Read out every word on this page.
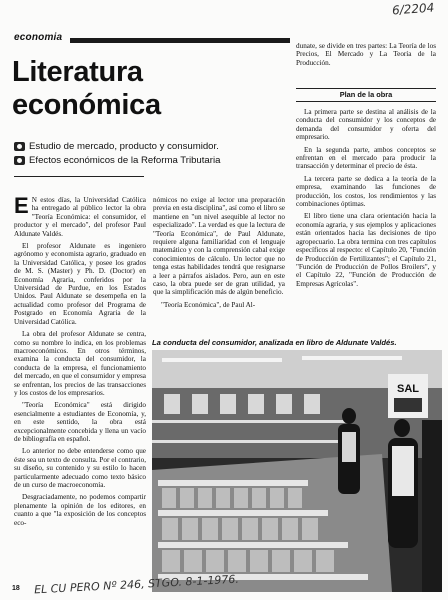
economia
6/2204
Literatura
económica
Estudio de mercado, producto y consumidor.
Efectos económicos de la Reforma Tributaria

E N estos días, la Universidad Católica ha entregado al público lector la obra "Teoría Económica: el consumidor, el productor y el mercado", del profesor Paul Aldunate Valdés.

El profesor Aldunate es ingeniero agrónomo y economista agrario, graduado en la Universidad Católica, y posee los grados de M. S. (Master) y Ph. D. (Doctor) en Economía Agraria, conferidos por la Universidad de Purdue, en los Estados Unidos. Paul Aldunate se desempeña en la actualidad como profesor del Programa de Postgrado en Economía Agraria de la Universidad Católica.

La obra del profesor Aldunate se centra, como su nombre lo indica, en los problemas macroeconómicos. En otros términos, examina la conducta del consumidor, la conducta de la empresa, el funcionamiento del mercado, en que el consumidor y empresa se enfrentan, los precios de las transacciones y los costos de los empresarios.

"Teoría Económica" está dirigido esencialmente a estudiantes de Economía, y, en este sentido, la obra está excepcionalmente concebida y llena un vacío de bibliografía en español.

Lo anterior no debe entenderse como que éste sea un texto de consulta. Por el contrario, su diseño, su contenido y su estilo lo hacen particularmente adecuado como texto básico de un curso de macroeconomía.

Desgraciadamente, no podemos compartir plenamente la opinión de los editores, en cuanto a que "la exposición de los conceptos eco-

nómicos no exige al lector una preparación previa en esta disciplina", así como el libro se mantiene en "un nivel asequible al lector no especializado". La verdad es que la lectura de "Teoría Económica", de Paul Aldunate, requiere alguna familiaridad con el lenguaje matemático y con la comprensión cabal exige conocimientos de cálculo. Un lector que no tenga estas habilidades tendrá que resignarse a leer a párrafos aislados. Pero, aun en este caso, la obra puede ser de gran utilidad, ya que la simplificación más de algún beneficio.

"Teoría Económica", de Paul Al-

dunate, se divide en tres partes: La Teoría de los Precios, El Mercado y La Teoría de la Producción.

Plan de la obra

La primera parte se destina al análisis de la conducta del consumidor y los conceptos de demanda del consumidor y oferta del empresario.

En la segunda parte, ambos conceptos se enfrentan en el mercado para producir la transacción y determinar el precio de ésta.

La tercera parte se dedica a la teoría de la empresa, examinando las funciones de producción, los costos, los rendimientos y las combinaciones óptimas.

El libro tiene una clara orientación hacia la economía agraria, y sus ejemplos y aplicaciones están orientados hacia las decisiones de tipo agropecuario. La obra termina con tres capítulos específicos al respecto: el Capítulo 20, "Función de Producción de Fertilizantes"; el Capítulo 21, "Función de Producción de Pollos Broilers", y el Capítulo 22, "Función de Producción de Empresas Agrícolas".

La conducta del consumidor, analizada en libro de Aldunate Valdés.
SAL
18 EL CU PERO Nº 246, STGO. 8-1-1976.
